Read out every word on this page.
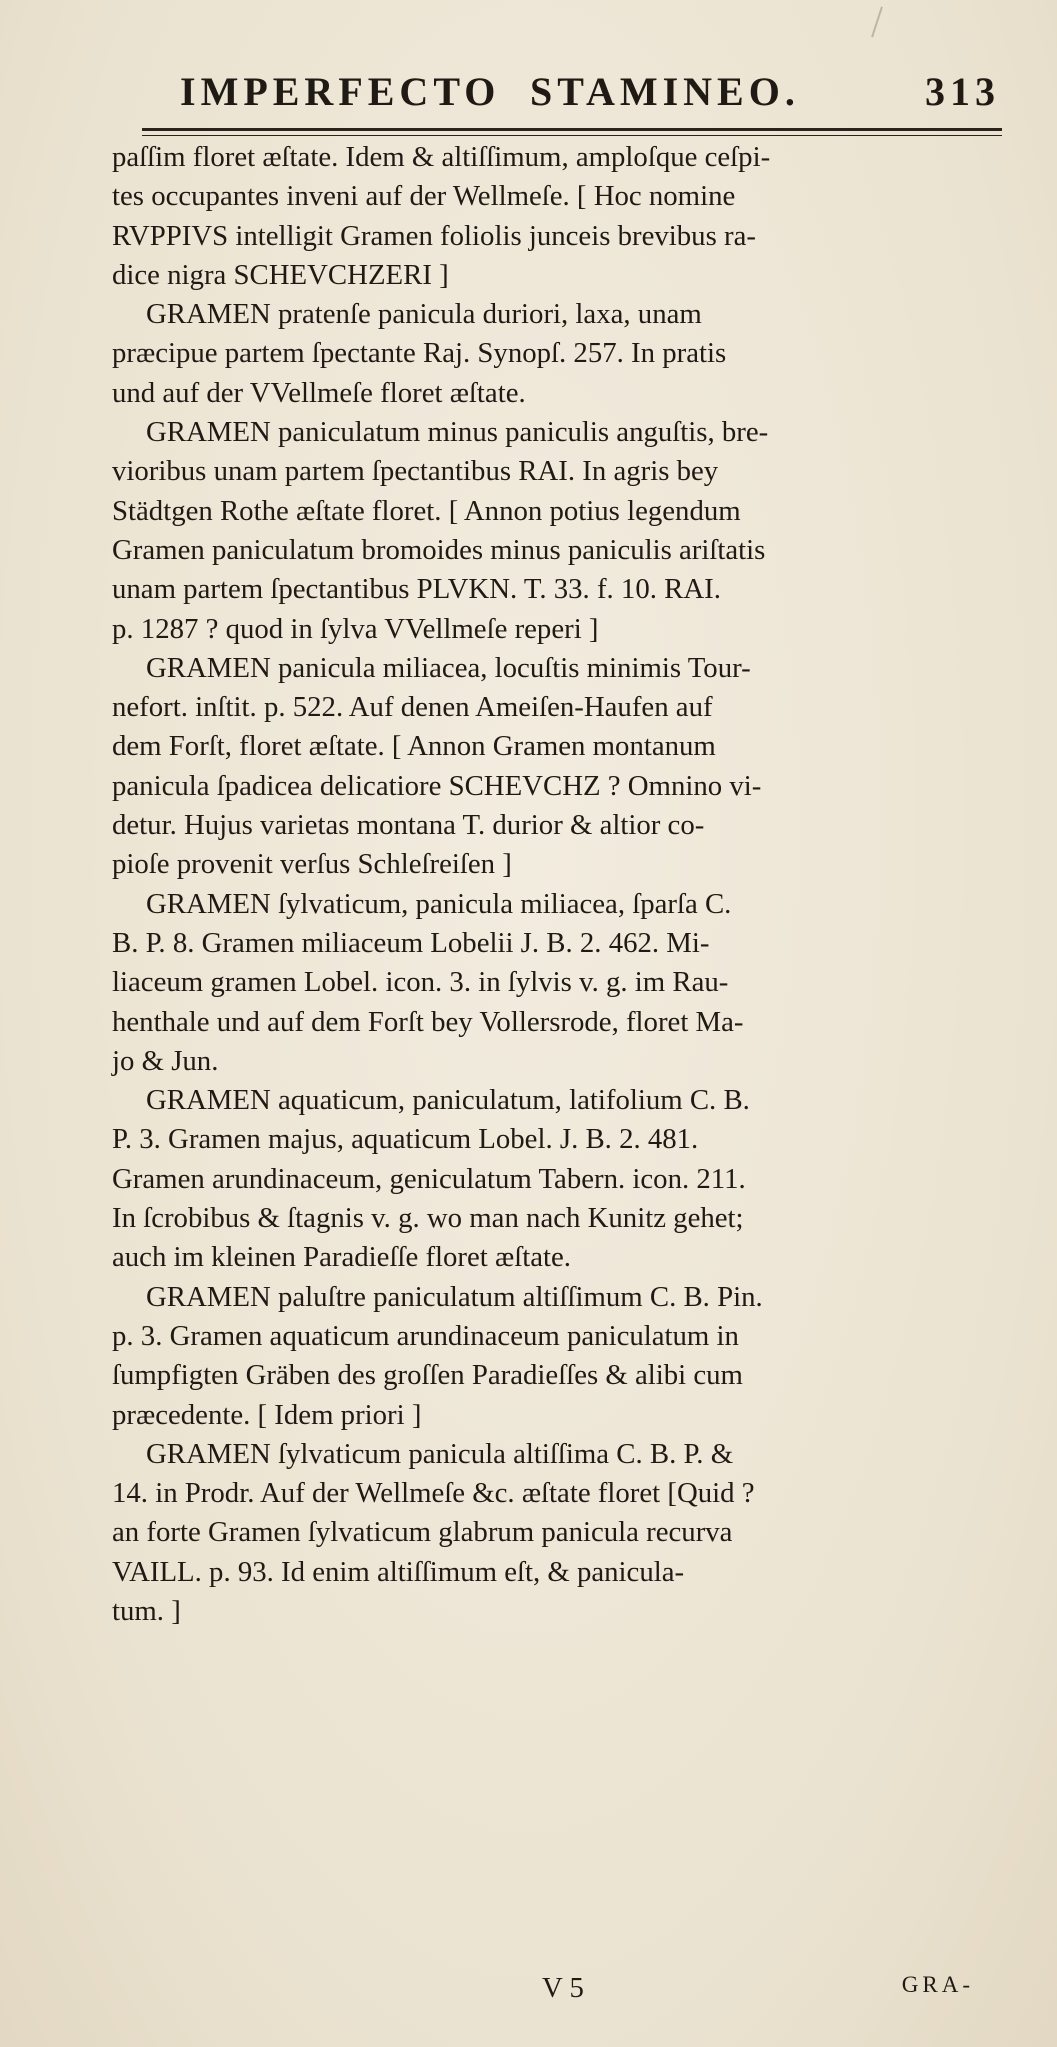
IMPERFECTO STAMINEO.	313
paſſim floret æſtate. Idem & altiſſimum, amploſque ceſpi-
tes occupantes inveni auf der Wellmeſe. [ Hoc nomine
RVPPIVS intelligit Gramen foliolis junceis brevibus ra-
dice nigra SCHEVCHZERI ]
GRAMEN pratenſe panicula duriori, laxa, unam
præcipue partem ſpectante Raj. Synopſ. 257. In pratis
und auf der VVellmeſe floret æſtate.
GRAMEN paniculatum minus paniculis anguſtis, bre-
vioribus unam partem ſpectantibus RAI. In agris bey
Städtgen Rothe æſtate floret. [ Annon potius legendum
Gramen paniculatum bromoides minus paniculis ariſtatis
unam partem ſpectantibus PLVKN. T. 33. f. 10. RAI.
p. 1287 ? quod in ſylva VVellmeſe reperi ]
GRAMEN panicula miliacea, locuſtis minimis Tour-
nefort. inſtit. p. 522. Auf denen Ameiſen-Haufen auf
dem Forſt, floret æſtate. [ Annon Gramen montanum
panicula ſpadicea delicatiore SCHEVCHZ ? Omnino vi-
detur. Hujus varietas montana T. durior & altior co-
pioſe provenit verſus Schleſreiſen ]
GRAMEN ſylvaticum, panicula miliacea, ſparſa C.
B. P. 8. Gramen miliaceum Lobelii J. B. 2. 462. Mi-
liaceum gramen Lobel. icon. 3. in ſylvis v. g. im Rau-
henthale und auf dem Forſt bey Vollersrode, floret Ma-
jo & Jun.
GRAMEN aquaticum, paniculatum, latifolium C. B.
P. 3. Gramen majus, aquaticum Lobel. J. B. 2. 481.
Gramen arundinaceum, geniculatum Tabern. icon. 211.
In ſcrobibus & ſtagnis v. g. wo man nach Kunitz gehet;
auch im kleinen Paradieſſe floret æſtate.
GRAMEN paluſtre paniculatum altiſſimum C. B. Pin.
p. 3. Gramen aquaticum arundinaceum paniculatum in
ſumpfigten Gräben des groſſen Paradieſſes & alibi cum
præcedente. [ Idem priori ]
GRAMEN ſylvaticum panicula altiſſima C. B. P. &
14. in Prodr. Auf der Wellmeſe &c. æſtate floret [Quid ?
an forte Gramen ſylvaticum glabrum panicula recurva
VAILL. p. 93. Id enim altiſſimum eſt, & panicula-
tum. ]
V 5	GRA-
